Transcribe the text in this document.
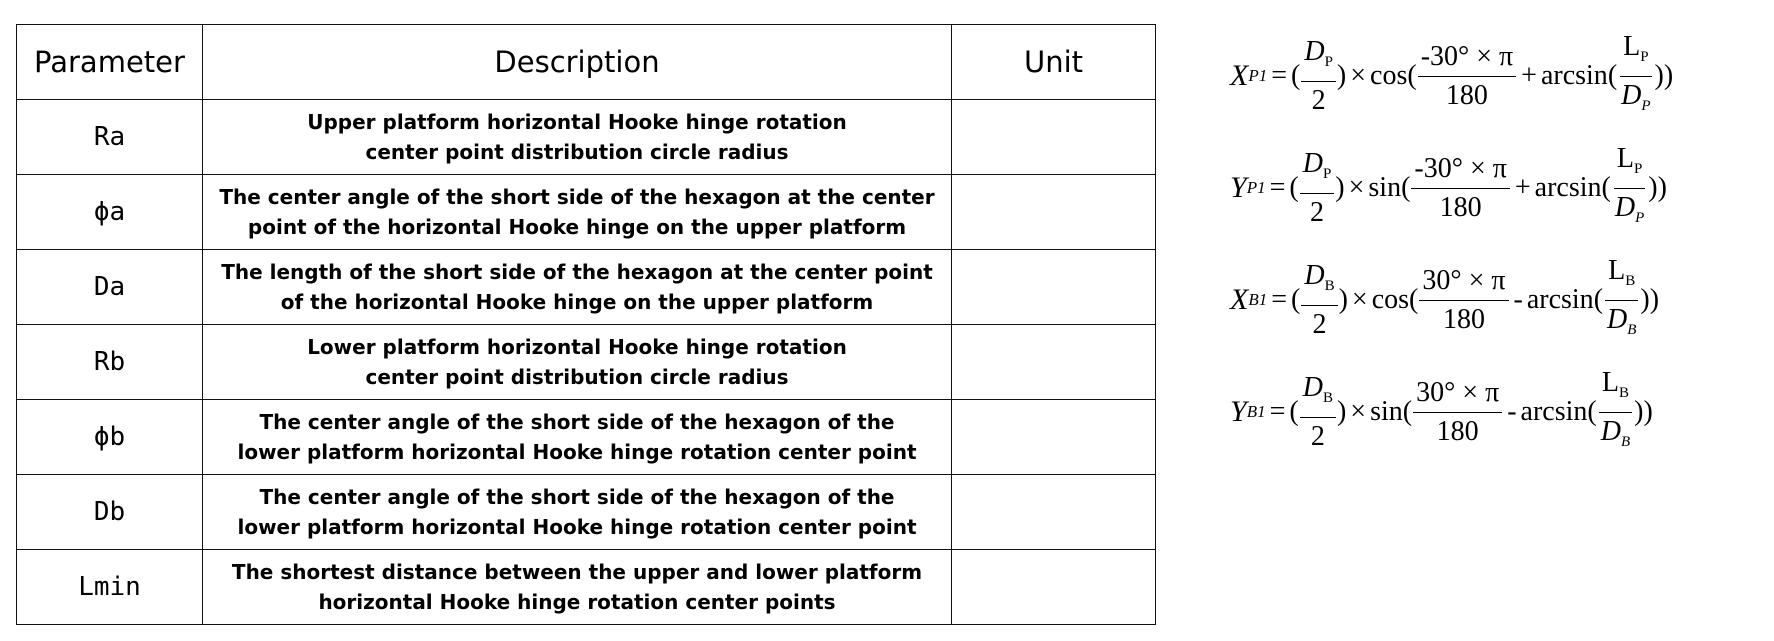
Parameter	Description	Unit
Ra	Upper platform horizontal Hooke hinge rotation
center point distribution circle radius	

ϕa	The center angle of the short side of the hexagon at the center
point of the horizontal Hooke hinge on the upper platform	

Da	The length of the short side of the hexagon at the center point
of the horizontal Hooke hinge on the upper platform	

Rb	Lower platform horizontal Hooke hinge rotation
center point distribution circle radius	

ϕb	The center angle of the short side of the hexagon of the
lower platform horizontal Hooke hinge rotation center point	

Db	The center angle of the short side of the hexagon of the
lower platform horizontal Hooke hinge rotation center point	

Lmin	The shortest distance between the upper and lower platform
horizontal Hooke hinge rotation center points	

X P1 = ( $\frac{D_P}{2}$ ) × cos ( $\frac{-30^\circ \times \pi}{180} + \arcsin$ ( $\frac{L_P}{D_P}$ ))
Y P1 = ( $\frac{D_P}{2}$ ) × sin ( $\frac{-30^\circ \times \pi}{180} + \arcsin$ ( $\frac{L_P}{D_P}$ ))
X B1 = ( $\frac{D_B}{2}$ ) × cos ( $\frac{30^\circ \times \pi}{180}$ - arcsin ( $\frac{L_B}{D_B}$ ))
Y B1 = ( $\frac{D_B}{2}$ ) × sin ( $\frac{30^\circ \times \pi}{180}$ - arcsin ( $\frac{L_B}{D_B}$ ))
